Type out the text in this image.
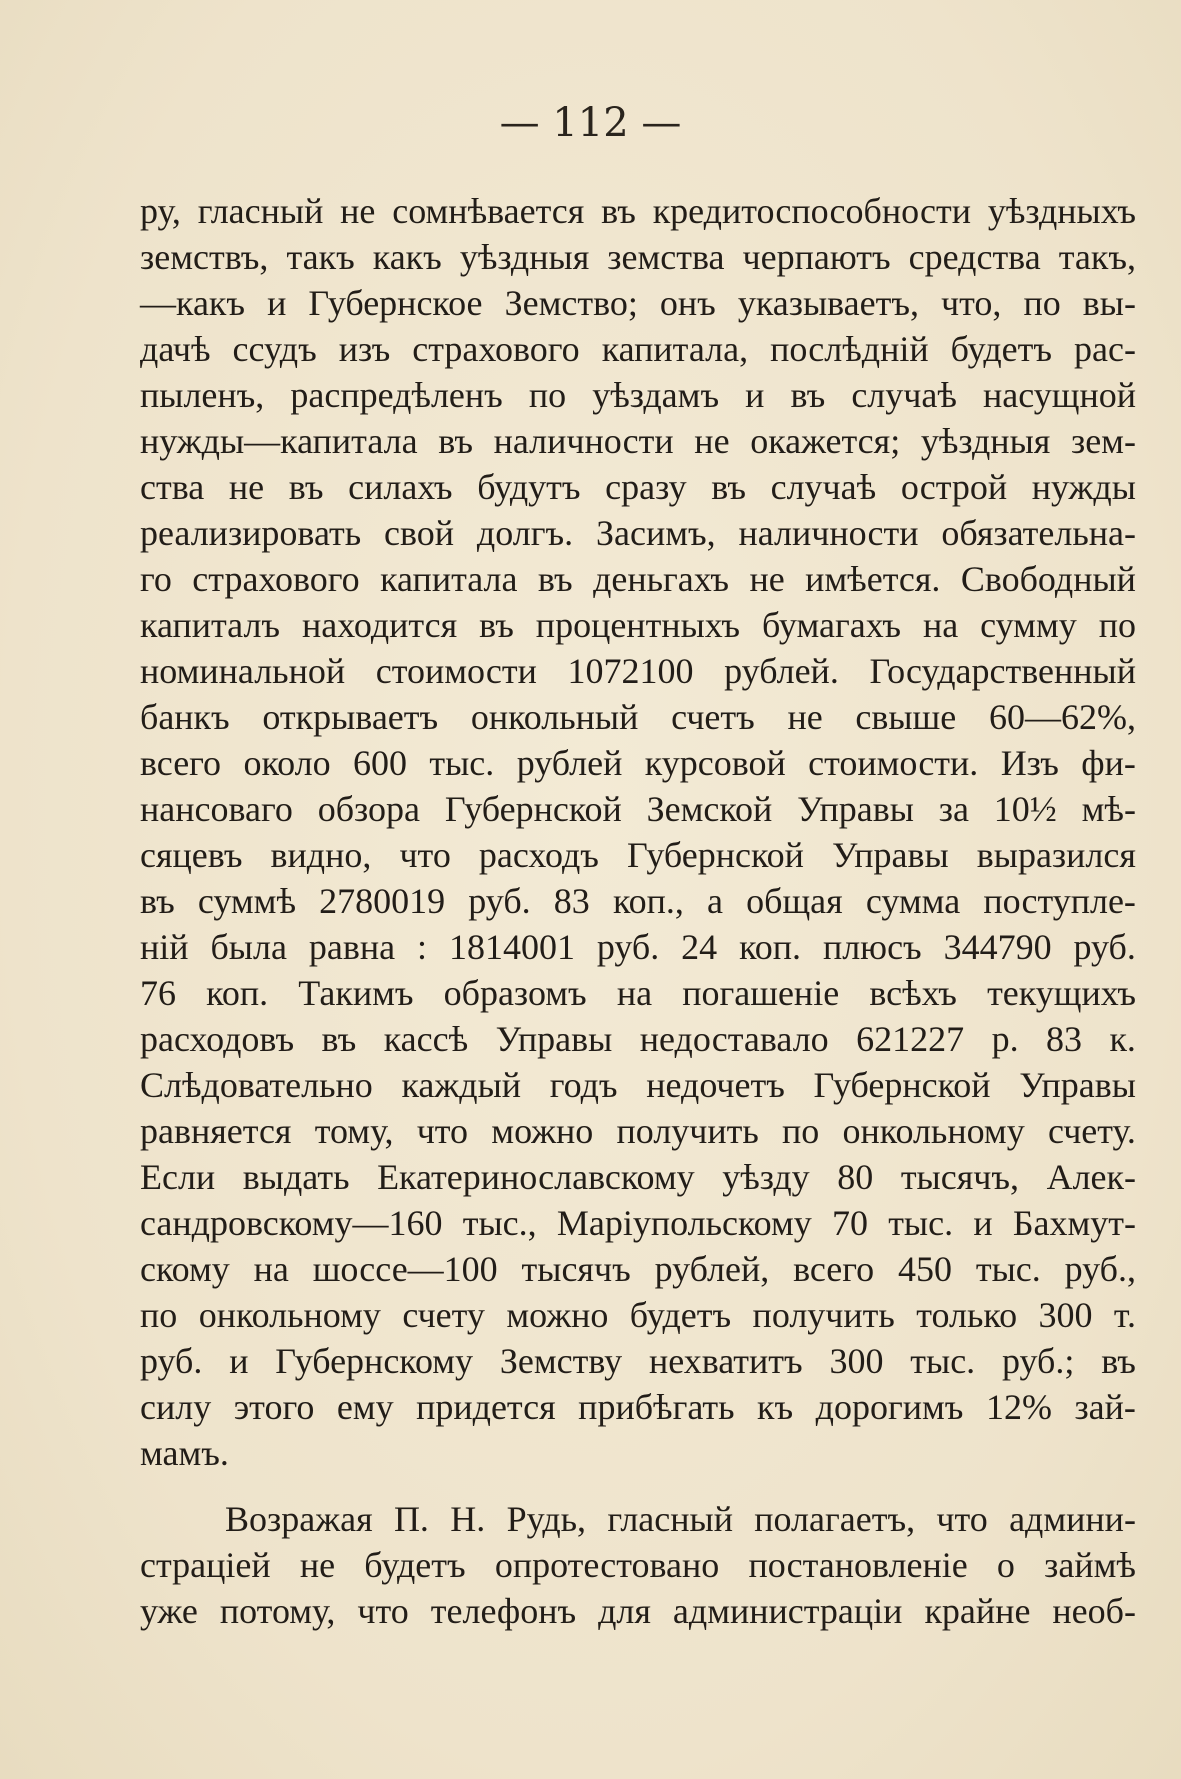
— 112 —
ру, гласный не сомнѣвается въ кредитоспособности уѣздныхъ
земствъ, такъ какъ уѣздныя земства черпаютъ средства такъ,
—какъ и Губернское Земство; онъ указываетъ, что, по вы-
дачѣ ссудъ изъ страхового капитала, послѣдній будетъ рас-
пыленъ, распредѣленъ по уѣздамъ и въ случаѣ насущной
нужды—капитала въ наличности не окажется; уѣздныя зем-
ства не въ силахъ будутъ сразу въ случаѣ острой нужды
реализировать свой долгъ. Засимъ, наличности обязательна-
го страхового капитала въ деньгахъ не имѣется. Свободный
капиталъ находится въ процентныхъ бумагахъ на сумму по
номинальной стоимости 1072100 рублей. Государственный
банкъ открываетъ онкольный счетъ не свыше 60—62%,
всего около 600 тыс. рублей курсовой стоимости. Изъ фи-
нансоваго обзора Губернской Земской Управы за 10½ мѣ-
сяцевъ видно, что расходъ Губернской Управы выразился
въ суммѣ 2780019 руб. 83 коп., а общая сумма поступле-
ній была равна : 1814001 руб. 24 коп. плюсъ 344790 руб.
76 коп. Такимъ образомъ на погашеніе всѣхъ текущихъ
расходовъ въ кассѣ Управы недоставало 621227 р. 83 к.
Слѣдовательно каждый годъ недочетъ Губернской Управы
равняется тому, что можно получить по онкольному счету.
Если выдать Екатеринославскому уѣзду 80 тысячъ, Алек-
сандровскому—160 тыс., Маріупольскому 70 тыс. и Бахмут-
скому на шоссе—100 тысячъ рублей, всего 450 тыс. руб.,
по онкольному счету можно будетъ получить только 300 т.
руб. и Губернскому Земству нехватитъ 300 тыс. руб.; въ
силу этого ему придется прибѣгать къ дорогимъ 12% зай-
мамъ.
Возражая П. Н. Рудь, гласный полагаетъ, что админи-
страціей не будетъ опротестовано постановленіе о займѣ
уже потому, что телефонъ для администраціи крайне необ-
